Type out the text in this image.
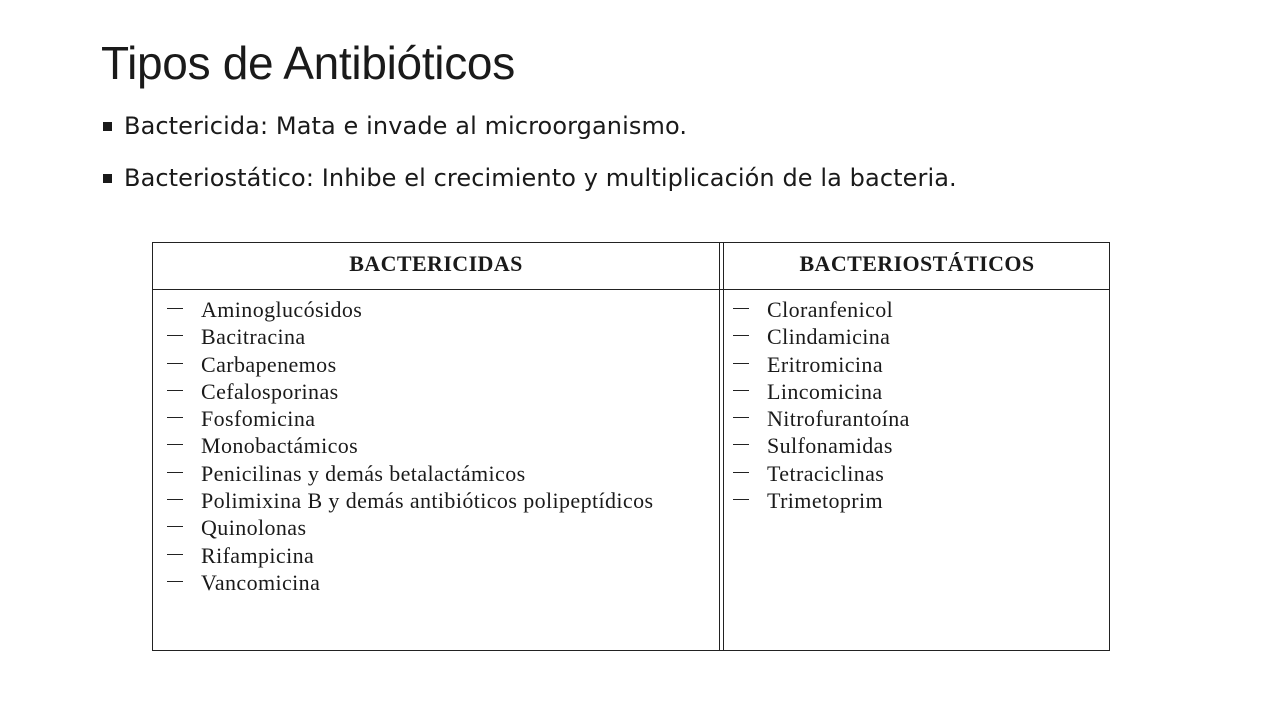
Tipos de Antibióticos
Bactericida: Mata e invade al microorganismo.
Bacteriostático: Inhibe el crecimiento y multiplicación de la bacteria.
BACTERICIDAS	BACTERIOSTÁTICOS
Aminoglucósidos
Bacitracina
Carbapenemos
Cefalosporinas
Fosfomicina
Monobactámicos
Penicilinas y demás betalactámicos
Polimixina B y demás antibióticos polipeptídicos
Quinolonas
Rifampicina
Vancomicina
Cloranfenicol
Clindamicina
Eritromicina
Lincomicina
Nitrofurantoína
Sulfonamidas
Tetraciclinas
Trimetoprim
